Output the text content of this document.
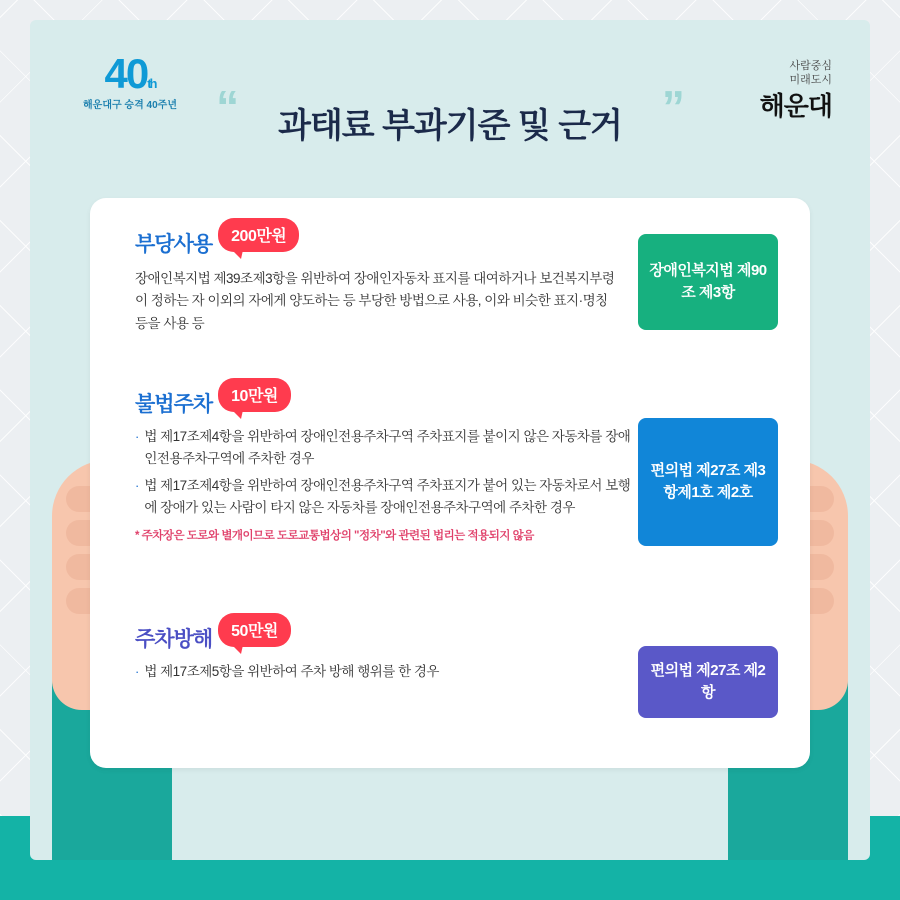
40th
해운대구 승격 40주년
사람중심
미래도시
해운대
“ 과태료 부과기준 및 근거 ”
부당사용	200만원
장애인복지법 제39조제3항을 위반하여 장애인자동차 표지를 대여하거나 보건복지부령이 정하는 자 이외의 자에게 양도하는 등 부당한 방법으로 사용, 이와 비슷한 표지·명칭 등을 사용 등
장애인복지법 제90조 제3항
불법주차	10만원
· 법 제17조제4항을 위반하여 장애인전용주차구역 주차표지를 붙이지 않은 자동차를 장애인전용주차구역에 주차한 경우
· 법 제17조제4항을 위반하여 장애인전용주차구역 주차표지가 붙어 있는 자동차로서 보행에 장애가 있는 사람이 타지 않은 자동차를 장애인전용주차구역에 주차한 경우
* 주차장은 도로와 별개이므로 도로교통법상의 "정차"와 관련된 법리는 적용되지 않음
편의법 제27조 제3항제1호 제2호
주차방해	50만원
· 법 제17조제5항을 위반하여 주차 방해 행위를 한 경우	편의법 제27조 제2항
